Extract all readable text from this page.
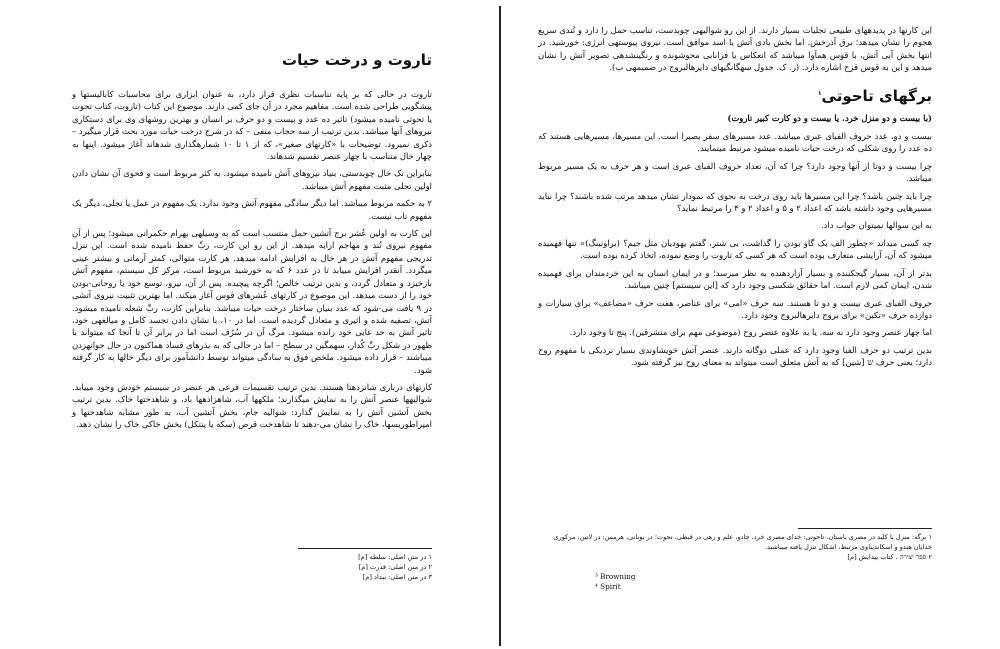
تاروت و درخت حیات

تاروت در حالی که بر پایه تناسبات نظری قرار دارد، به عنوان ابزاری برای محاسبات کاباليستها و پیشگویی طراحی شده است. مفاهیم مجرد در آن جای کمی دارند. موضوع این کتاب (تاروت، کتاب تحوت یا تحوتی نامیده میشود) تاثیر ده عدد و بیست و دو حرف بر انسان و بهترین روشهای وی برای دستکاری نیروهای آنها میباشد. بدین ترتیب از سه حجاب منفی – که در شرح درخت حیات مورد بحث قرار میگیرد – ذکری نمیرود. توضیحات با «کارتهای صغیر»، که از ۱ تا ۱۰ شمارهگذاری شدهاند آغاز میشود. اینها به چهار خال متناسب با چهار عنصر تقسیم شدهاند.

بنابراین تک خال چوبدستی، بنیاد نیروهای آتش نامیده میشود. به کثر مربوط است و فحوی آن نشان دادن اولین تجلی مثبت مفهوم آتش میباشد.

۲ به حکمه مربوط میباشد. اما دیگر سادگی مفهوم آتش وجود ندارد. یک مفهوم در عمل یا تجلی، دیگر یک مفهوم ناب نیست.

این کارت به اولین عُشر برج آتشین حمل منتسب است که به وسیلهی بهرام حکمرانی میشود؛ پس از آن مفهوم نیروی تُند و مهاجم ارایه میدهد. از این رو این کارت، ربِّ حفظ نامیده شده است. این تنزل تدریجی مفهوم آتش در هر خال به افزایش ادامه میدهد. هر کارت متوالی، کمتر آرمانی و بیشتر عینی میگردد. آنقدر افزایش مییابد تا در عدد ۶ که به خورشید مربوط است، مرکز کل سیستم، مفهوم آتش بازخیزد و متعادل گردد، و بدین ترتیب خالص؛ اگرچه پیچیده. پس از آن، نیرو، توسع خود یا روحانی-بودن خود را از دست میدهد. این موضوع در کارتهای عُشرهای قوس آغاز میکند. اما بهترین تثبیت نیروی آتشی در ۹ یافت می-شود که عدد بنیان ساختار درخت حیات میباشد. بنابراین کارت، ربِّ شعله نامیده میشود. آتش، تصفیه شده و اثیری و متعادل گردیده است. اما در ۱۰، با نشان دادن تجسد کامل و میالغهی خود، تاثیر آتش به حد غایی خود رانده میشود. مرگ آن در سُرُف است اما در برابر آن تا آنجا که میتواند با ظهور در شکل ربِّ کُدار، سهمگین در سطح – اما در حالی که به بذرهای فساد هماکنون در حال جوانهزدن میباشند – قرار داده میشود. ملخص فوق به سادگی میتواند توسط دانشآموز برای دیگر خالها به کار گرفته شود.

کارتهای درباری شانزدهتا هستند. بدین ترتیب تقسیمات فرعی هر عنصر در سیستم خودش وجود مییابد. شوالیهها عنصر آتش را به نمایش میگذارند؛ ملکهها آب، شاهزادهها باد، و شاهدختها خاک. بدین ترتیب بخش آتشین آتش را به نمایش گذارد: شوالیه جام، بخش آتشین آب، به طور مشابه شاهدختها و امپراطوریسها، خاک را نشان می-دهند تا شاهدخت قرص (سکه یا پنتکل) بخش خاکی خاک را نشان دهد.

۱ در متن اصلی: سلطه [م]
۲ در متن اصلی: قدرت [م]
۳ در متن اصلی: بیداد [م]

این کارتها در پدیدههای طبیعی تجلیات بسیار دارند. از این رو شوالیهی چوبدست، تناسب حمل را دارد و تُندی سریع هجوم را نشان میدهد؛ برق آذرخش. اما بخش بادی آتش یا اسد موافق است. نیروی پیوستهی انرژی: خورشید. در انتها بخش آبی آتش، با قوس همآوا میباشد که انعکاس یا فرانابی محوشونده و رنگینشدهی تصویر آتش را نشان میدهد و این به قوس قزح اشاره دارد. (ر. ک. جدول سهگانگیهای دایرهالبروج در ضمیمهی ب).

برگهای تاحوتی$^۱$

(با بیست و دو منزل خرد. یا بیست و دو کارت کبیر تاروت)

بیست و دو، عدد حروف الفبای عبری میباشد. عدد مسیرهای سفر بصیرا است. این مسیرها، مسیرهایی هستند که ده عدد را روی شکلی که درخت حیات نامیده میشود مرتبط مینمایند.

چرا بیست و دوتا از آنها وجود دارد؟ چرا که آن، تعداد حروف الفبای عبری است و هر حرف به یک مسیر مربوط میباشد.

چرا باید چنین باشد؟ چرا این مسیرها باید روی درخت به نحوی که نمودار نشان میدهد مرتب شده باشند؟ چرا نباید مسیرهایی وجود داشته باشد که اعداد ۲ و ۵ و اعداد ۲ و ۴ را مرتبط نماید؟

به این سوالها نمیتوان جواب داد.

چه کسی میداند «چطور الف یک گاو بودن را گذاشت، بی شتر، گفتم یهودیان مثل جیم؟ (براونینگ)» تنها فهمیده میشود که آن، آرایشی متعارف بوده است که هر کسی که تاروت را وضع نموده، اتخاذ کرده بوده است.

بدتر از آن، بسیار گیجکننده و بسیار آزاردهنده به نظر میرسد؛ و در ایمان انسان به این خردمندان برای فهمیده شدن، ایمان کمی لازم است. اما حقائق شکسی وجود دارد که [این سیستم] چنین میباشد.

حروف الفبای عبری بیست و دو تا هستند. سه حرف «امی» برای عناصر، هفت حرف «مضاعف» برای سیارات و دوازده حرف «تکین» برای بروج دایرهالبروج وجود دارد.

اما چهار عنصر وجود دارد نه سه. یا به علاوه عنصر روح (موضوعی مهم برای متشرقین). پنج تا وجود دارد.

بدین ترتیب دو حرف الفبا وجود دارد که عملی دوگانه دارند. عنصر آتش خویشاوندی بسیار نزدیکی با مفهوم روح دارد؛ یعنی حرف ש [شین] که به آتش متعلق است میتواند به معنای روح نیز گرفته شود.

۱ برگه: منزل یا کلید در مصری باستان. تاحوتی: خدای مصری خرد، جادو، علم و رهی در قبطی. تحوت؛ در یونانی، هرمس: در لاتین، مرکوری خدایان هندو و اسکاندیناوی مرتبط، اشکال تنزل یافته میباشند.
۲ ספר יצירה ، کتاب پیدایش [م]
³ Browning
⁴ Spirit
